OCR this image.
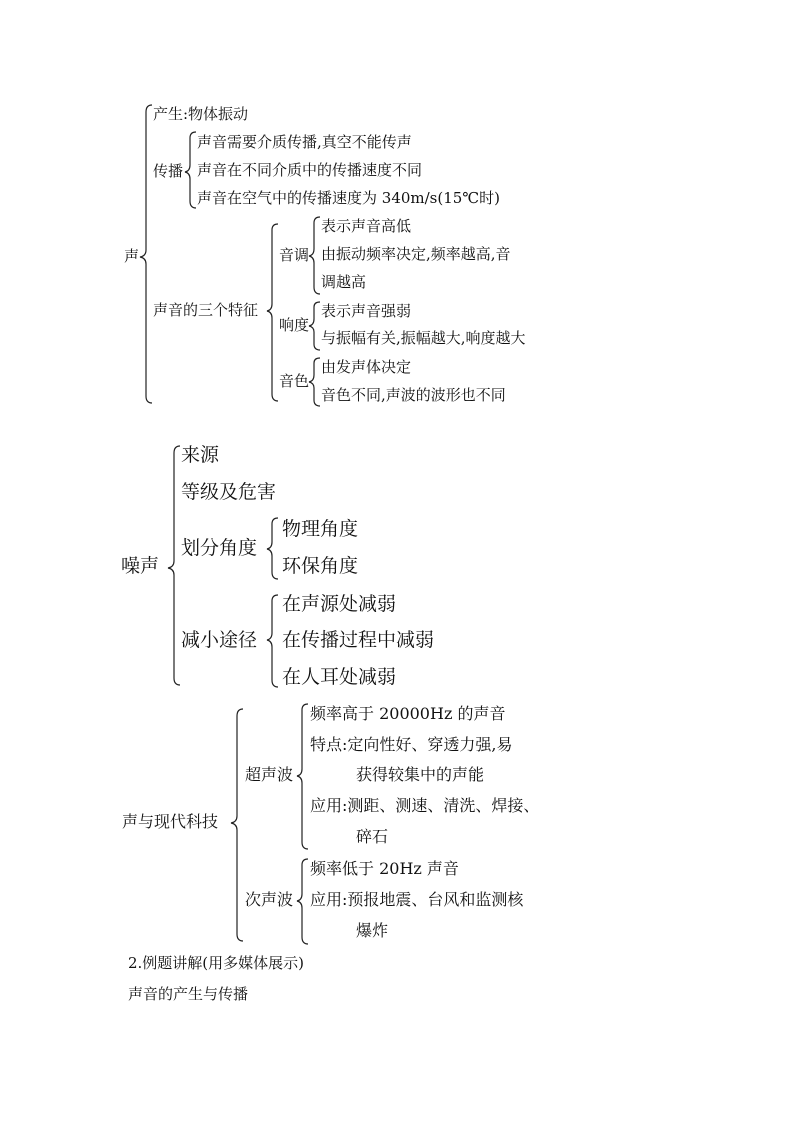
声
产生:物体振动
传播
声音需要介质传播,真空不能传声
声音在不同介质中的传播速度不同
声音在空气中的传播速度为 340m/s(15℃时)
声音的三个特征
音调
表示声音高低
由振动频率决定,频率越高,音
调越高
响度
表示声音强弱
与振幅有关,振幅越大,响度越大
音色
由发声体决定
音色不同,声波的波形也不同
噪声
来源
等级及危害
划分角度
物理角度
环保角度
减小途径
在声源处减弱
在传播过程中减弱
在人耳处减弱
声与现代科技
超声波
频率高于 20000Hz 的声音
特点:定向性好、穿透力强,易
获得较集中的声能
应用:测距、测速、清洗、焊接、
碎石
次声波
频率低于 20Hz 声音
应用:预报地震、台风和监测核
爆炸
2.例题讲解(用多媒体展示)
声音的产生与传播
